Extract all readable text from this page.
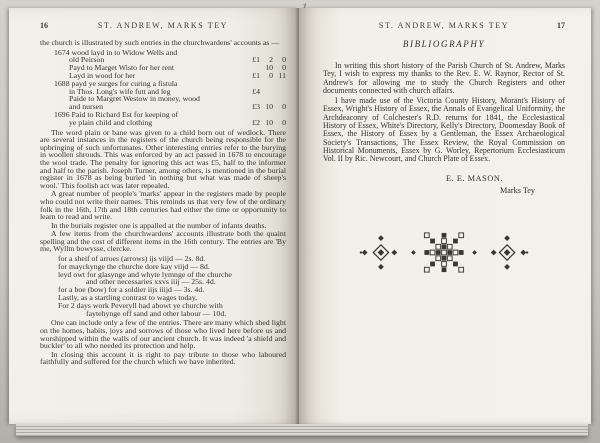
16	ST. ANDREW, MARKS TEY

the church is illustrated by such entries in the churchwardens' accounts as —

1674 wood layd in to Widow Wells and
old Peirson	£1	2	0
Payd to Marget Wisto for her rent	10	0
Layd in wood for her	£1	0 11
1688 payd ye surges for curing a fistula
in Thos. Long's wife futt and leg	£4
Paide to Margret Westow in money, wood
and nursen	£3 10	0
1696 Paid to Richard Est for keeping of
ye plain child and clothing	£2 10	0

The word plain or bane was given to a child born out of wedlock. There are several instances in the registers of the church being responsible for the upbringing of such unfortunates. Other interesting entries refer to the burying in woollen shrouds. This was enforced by an act passed in 1678 to encourage the wool trade. The penalty for ignoring this act was £5, half to the informer and half to the parish. Joseph Turner, among others, is mentioned in the burial register in 1678 as being buried 'in nothing but what was made of sheep's wool.' This foolish act was later repealed.

A great number of people's 'marks' appear in the registers made by people who could not write their names. This reminds us that very few of the ordinary folk in the 16th, 17th and 18th centuries had either the time or opportunity to learn to read and write.

In the burials register one is appalled at the number of infants deaths.

A few items from the churchwardens' accounts illustrate both the quaint spelling and the cost of different items in the 16th century. The entries are 'By me, Wyllm bowysse, clercke.

for a sheif of arroes (arrows) ijs viijd — 2s. 8d.
for mayckynge the churche dore kay viijd — 8d.
leyd owt for glasynge and whyte lymnge of the churche
and other necessaries xxvs iiij — 25s. 4d.
for a boe (bow) for a soldier iijs iiijd — 3s. 4d.
Lastly, as a startling contrast to wages today,
For 2 days work Peveryll had abowt ye churche with
faytehynge off sand and other labour — 10d.

One can include only a few of the entries. There are many which shed light on the homes, habits, joys and sorrows of those who lived here before us and worshipped within the walls of our ancient church. It was indeed 'a shield and buckler' to all who needed its protection and help.

In closing this account it is right to pay tribute to those who laboured faithfully and suffered for the church which we have inherited.

ST. ANDREW, MARKS TEY	17
BIBLIOGRAPHY

In writing this short history of the Parish Church of St. Andrew, Marks Tey, I wish to express my thanks to the Rev. E. W. Raynor, Rector of St. Andrew's for allowing me to study the Church Registers and other documents connected with church affairs.

I have made use of the Victoria County History, Morant's History of Essex, Wright's History of Essex, the Annals of Evangelical Uniformity, the Archdeaconry of Colchester's R.D. returns for 1841, the Ecclesiastical History of Essex, White's Directory, Kelly's Directory, Doomesday Book of Essex, the History of Essex by a Gentleman, the Essex Archaeological Society's Transactions, The Essex Review, the Royal Commission on Historical Monuments, Essex by G. Worley, Repertorium Ecclesiasticum Vol. II by Ric. Newcourt, and Church Plate of Essex.

E. E. MASON.
Marks Tey
